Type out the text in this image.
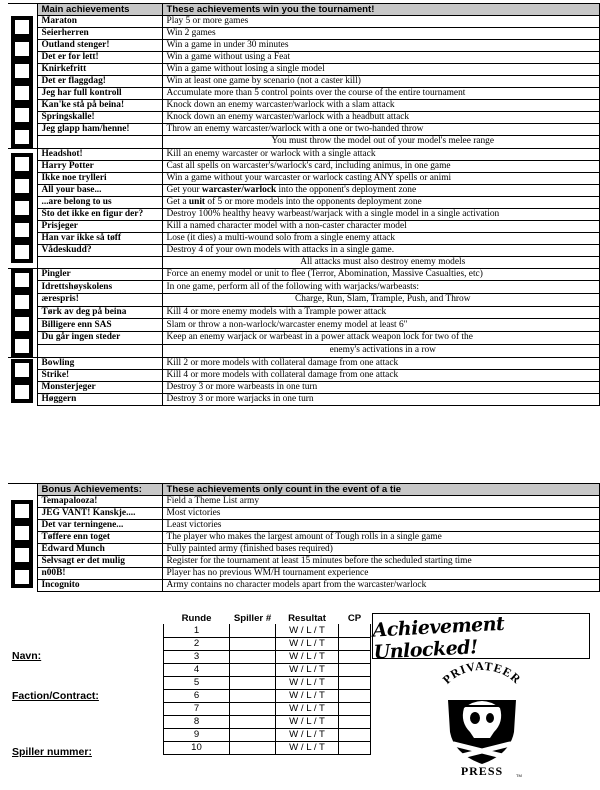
	Main achievements	These achievements win you the tournament!

	Maraton	Play 5 or more games
	Seierherren	Win 2 games
	Outland stenger!	Win a game in under 30 minutes
	Det er for lett!	Win a game without using a Feat
	Knirkefritt	Win a game without losing a single model
	Det er flaggdag!	Win at least one game by scenario (not a caster kill)
	Jeg har full kontroll	Accumulate more than 5 control points over the course of the entire tournament
	Kan'ke stå på beina!	Knock down an enemy warcaster/warlock with a slam attack
	Springskalle!	Knock down an enemy warcaster/warlock with a headbutt attack
	Jeg glapp ham/henne!	Throw an enemy warcaster/warlock with a one or two-handed throw
		You must throw the model out of your model's melee range

	Headshot!	Kill an enemy warcaster or warlock with a single attack
	Harry Potter	Cast all spells on warcaster's/warlock's card, including animus, in one game
	Ikke noe trylleri	Win a game without your warcaster or warlock casting ANY spells or animi
	All your base...	Get your warcaster/warlock into the opponent's deployment zone
	...are belong to us	Get a unit of 5 or more models into the opponents deployment zone
	Sto det ikke en figur der?	Destroy 100% healthy heavy warbeast/warjack with a single model in a single activation
	Prisjeger	Kill a named character model with a non-caster character model
	Han var ikke så tøff	Lose (it dies) a multi-wound solo from a single enemy attack
	Vådeskudd?	Destroy 4 of your own models with attacks in a single game.
		All attacks must also destroy enemy models

	Pingler	Force an enemy model or unit to flee (Terror, Abomination, Massive Casualties, etc)
	Idrettshøyskolens	In one game, perform all of the following with warjacks/warbeasts:
	ærespris!	Charge, Run, Slam, Trample, Push, and Throw
	Tørk av deg på beina	Kill 4 or more enemy models with a Trample power attack
	Billigere enn SAS	Slam or throw a non-warlock/warcaster enemy model at least 6"
	Du går ingen steder	Keep an enemy warjack or warbeast in a power attack weapon lock for two of the
		enemy's activations in a row

	Bowling	Kill 2 or more models with collateral damage from one attack
	Strike!	Kill 4 or more models with collateral damage from one attack
	Monsterjeger	Destroy 3 or more warbeasts in one turn
	Høggern	Destroy 3 or more warjacks in one turn
	Bonus Achievements:	These achievements only count in the event of a tie

	Temapalooza!	Field a Theme List army
	JEG VANT! Kanskje....	Most victories
	Det var terningene...	Least victories
	Tøffere enn toget	The player who makes the largest amount of Tough rolls in a single game
	Edward Munch	Fully painted army (finished bases required)
	Selvsagt er det mulig	Register for the tournament at least 15 minutes before the scheduled starting time
	n00B!	Player has no previous WM/H tournament experience
	Incognito	Army contains no character models apart from the warcaster/warlock
Runde	Spiller #	Resultat	CP
1		W / L / T	
2		W / L / T	
3		W / L / T	
4		W / L / T	
5		W / L / T	
6		W / L / T	
7		W / L / T	
8		W / L / T	
9		W / L / T	
10		W / L / T	
Navn:
Faction/Contract:
Spiller nummer:
Achievement Unlocked!
PRIVATEER
PRESS	TM
